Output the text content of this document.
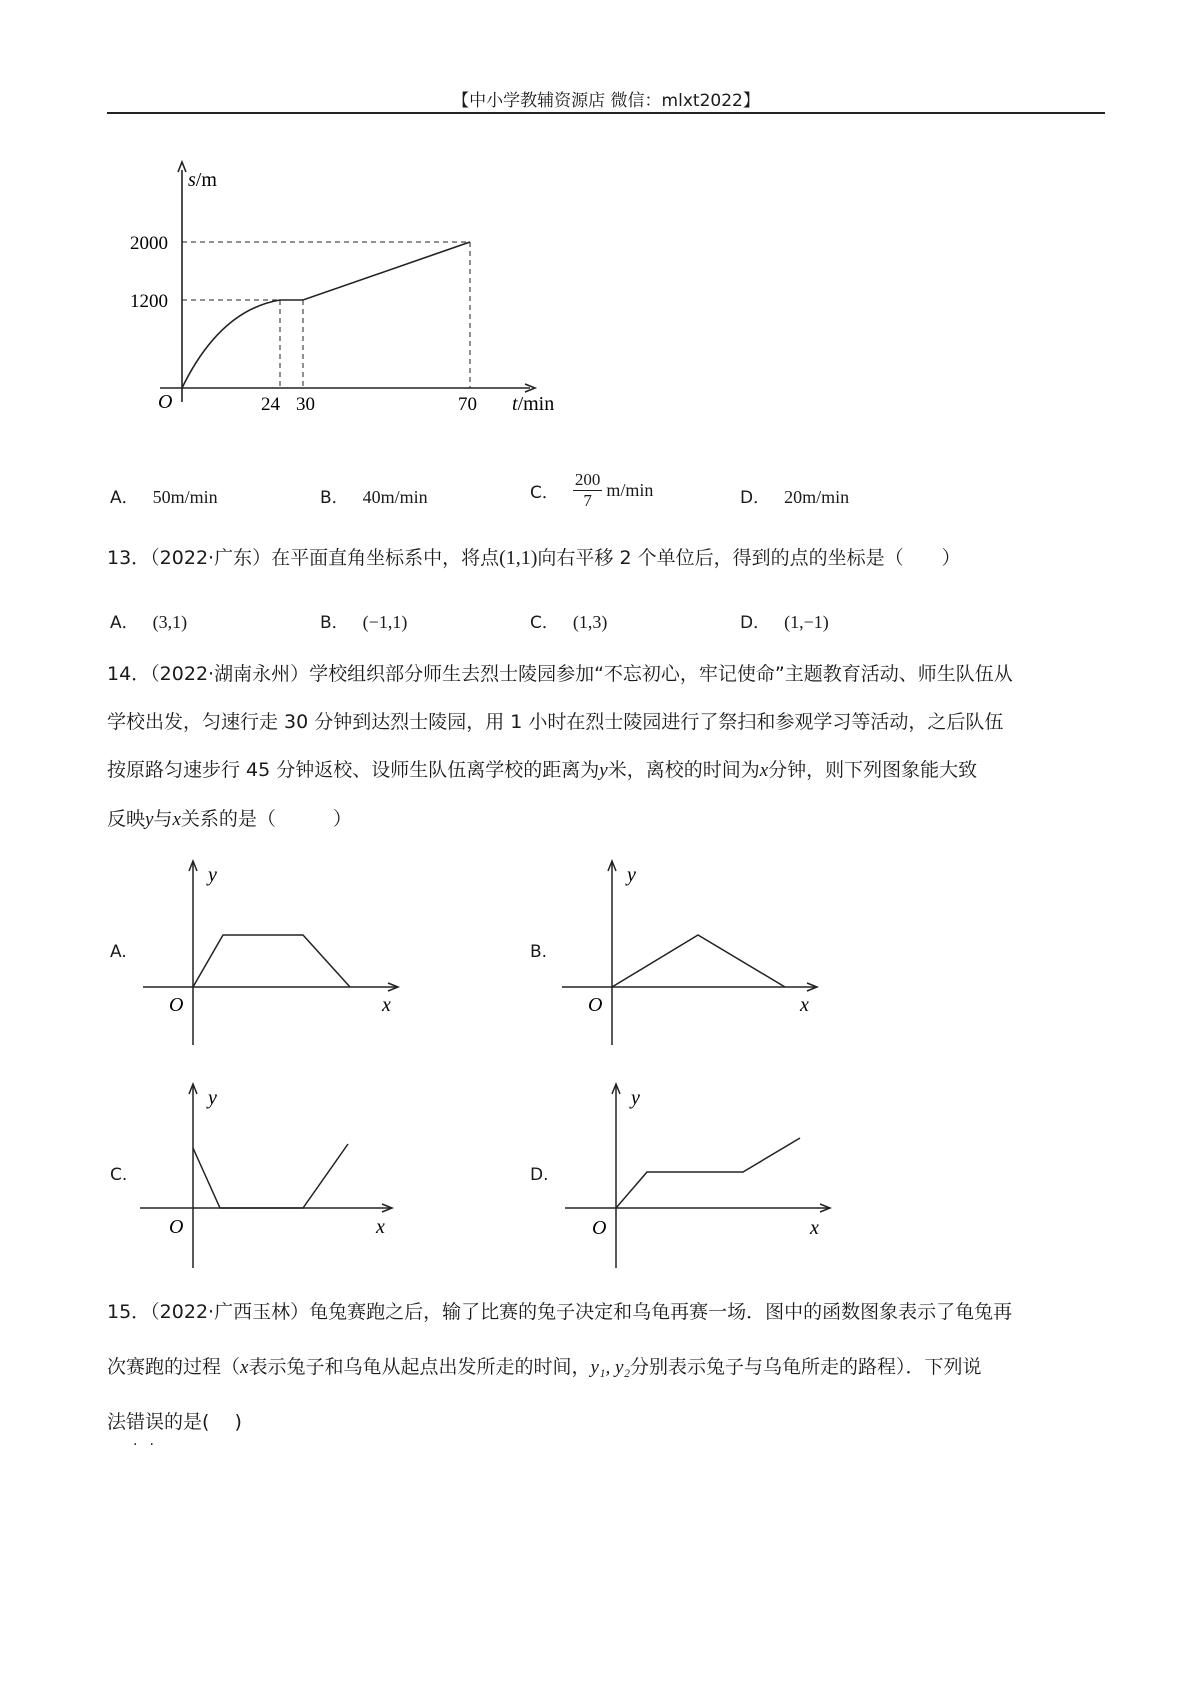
【中小学教辅资源店 微信：mlxt2022】
s/m
2000
1200
O	24 30	70 t/min
A． 50m/min	B． 40m/min	C． $\frac{200}{7} m/\min$	D． 20m/min
13．（2022·广东）在平面直角坐标系中，将点(1,1)向右平移 2 个单位后，得到的点的坐标是（　　）
A． (3,1)	B． (−1,1)	C． (1,3)	D． (1,−1)
14．（2022·湖南永州）学校组织部分师生去烈士陵园参加“不忘初心，牢记使命”主题教育活动、师生队伍从
学校出发，匀速行走 30 分钟到达烈士陵园，用 1 小时在烈士陵园进行了祭扫和参观学习等活动，之后队伍
按原路匀速步行 45 分钟返校、设师生队伍离学校的距离为y米，离校的时间为x分钟，则下列图象能大致
反映y与x关系的是（　　　）
A.
y
O	x
B.
y
O	x
C.
y
O	x
D.
y
O	x
15．（2022·广西玉林）龟兔赛跑之后，输了比赛的兔子决定和乌龟再赛一场．图中的函数图象表示了龟兔再
次赛跑的过程（x表示兔子和乌龟从起点出发所走的时间，y₁, y₂分别表示兔子与乌龟所走的路程）．下列说
法错误的是(　 )
··
